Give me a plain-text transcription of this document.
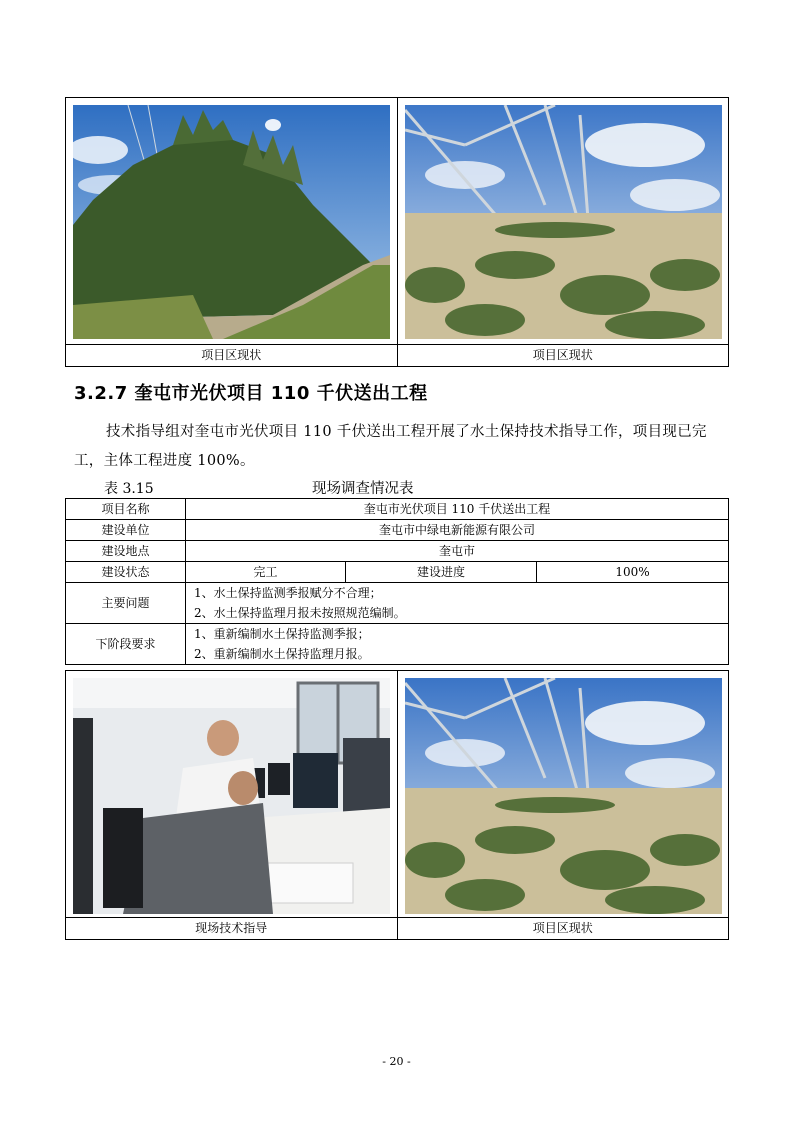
项目区现状	项目区现状
3.2.7 奎屯市光伏项目 110 千伏送出工程
技术指导组对奎屯市光伏项目 110 千伏送出工程开展了水土保持技术指导工作，项目现已完工，主体工程进度 100%。
表 3.15	现场调查情况表
项目名称	奎屯市光伏项目 110 千伏送出工程		
建设单位	奎屯市中绿电新能源有限公司		
建设地点	奎屯市		
建设状态	完工	建设进度	100%
主要问题	1、水土保持监测季报赋分不合理；
2、水土保持监理月报未按照规范编制。		

下阶段要求	1、重新编制水土保持监测季报；
2、重新编制水土保持监理月报。		

现场技术指导	项目区现状
- 20 -
